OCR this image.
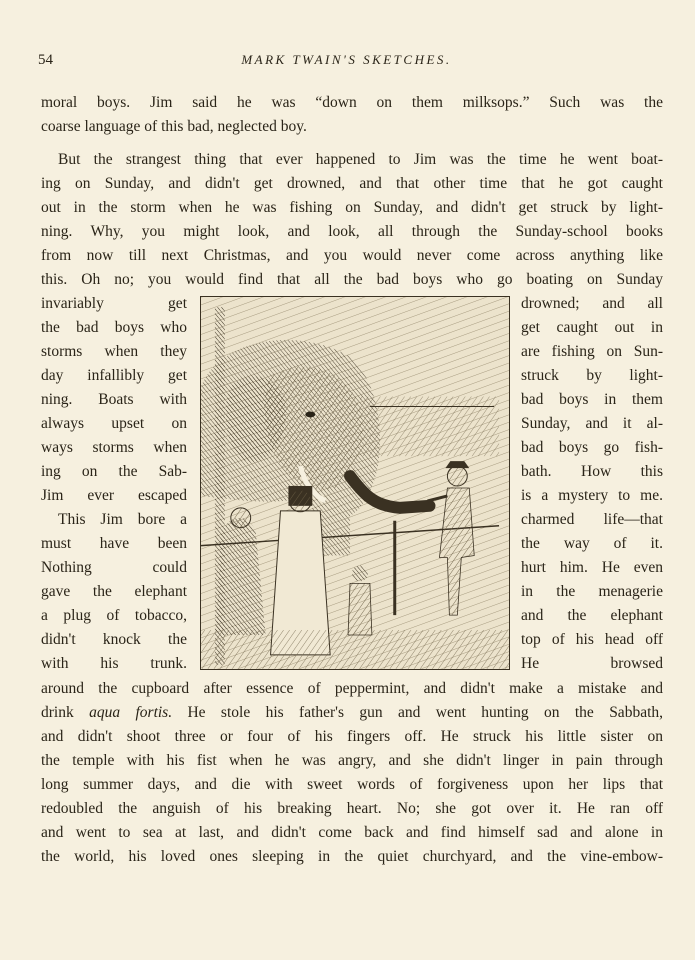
54	MARK TWAIN'S SKETCHES.
moral boys. Jim said he was “down on them milksops.” Such was the
coarse language of this bad, neglected boy.
But the strangest thing that ever happened to Jim was the time he went boat-
ing on Sunday, and didn't get drowned, and that other time that he got caught
out in the storm when he was fishing on Sunday, and didn't get struck by light-
ning. Why, you might look, and look, all through the Sunday-school books
from now till next Christmas, and you would never come across anything like
this. Oh no; you would find that all the bad boys who go boating on Sunday
invariably get
the bad boys who
storms when they
day infallibly get
ning. Boats with
always upset on
ways storms when
ing on the Sab-
Jim ever escaped
This Jim bore a
must have been
Nothing could
gave the elephant
a plug of tobacco,
didn't knock the
with his trunk.
drowned; and all
get caught out in
are fishing on Sun-
struck by light-
bad boys in them
Sunday, and it al-
bad boys go fish-
bath. How this
is a mystery to me.
charmed life—that
the way of it.
hurt him. He even
in the menagerie
and the elephant
top of his head off
He browsed
around the cupboard after essence of peppermint, and didn't make a mistake and
drink aqua fortis. He stole his father's gun and went hunting on the Sabbath,
and didn't shoot three or four of his fingers off. He struck his little sister on
the temple with his fist when he was angry, and she didn't linger in pain through
long summer days, and die with sweet words of forgiveness upon her lips that
redoubled the anguish of his breaking heart. No; she got over it. He ran off
and went to sea at last, and didn't come back and find himself sad and alone in
the world, his loved ones sleeping in the quiet churchyard, and the vine-embow-
